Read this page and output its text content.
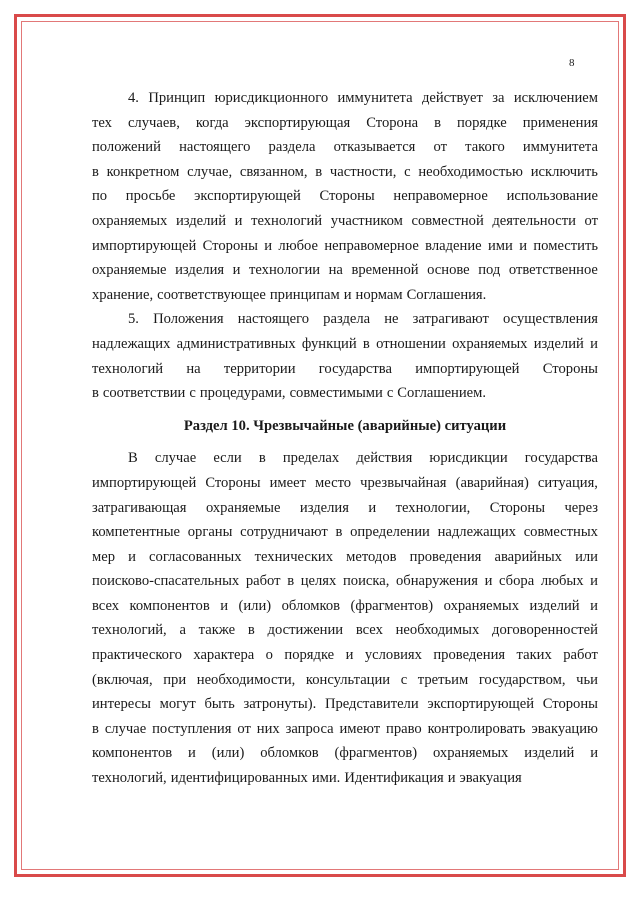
8
4. Принцип юрисдикционного иммунитета действует за исключением
тех случаев, когда экспортирующая Сторона в порядке применения
положений настоящего раздела отказывается от такого иммунитета
в конкретном случае, связанном, в частности, с необходимостью исключить
по просьбе экспортирующей Стороны неправомерное использование
охраняемых изделий и технологий участником совместной деятельности от
импортирующей Стороны и любое неправомерное владение ими и поместить
охраняемые изделия и технологии на временной основе под ответственное
хранение, соответствующее принципам и нормам Соглашения.
5. Положения настоящего раздела не затрагивают осуществления
надлежащих административных функций в отношении охраняемых изделий и
технологий на территории государства импортирующей Стороны
в соответствии с процедурами, совместимыми с Соглашением.
Раздел 10. Чрезвычайные (аварийные) ситуации
В случае если в пределах действия юрисдикции государства
импортирующей Стороны имеет место чрезвычайная (аварийная) ситуация,
затрагивающая охраняемые изделия и технологии, Стороны через
компетентные органы сотрудничают в определении надлежащих совместных
мер и согласованных технических методов проведения аварийных или
поисково-спасательных работ в целях поиска, обнаружения и сбора любых и
всех компонентов и (или) обломков (фрагментов) охраняемых изделий и
технологий, а также в достижении всех необходимых договоренностей
практического характера о порядке и условиях проведения таких работ
(включая, при необходимости, консультации с третьим государством, чьи
интересы могут быть затронуты). Представители экспортирующей Стороны
в случае поступления от них запроса имеют право контролировать эвакуацию
компонентов и (или) обломков (фрагментов) охраняемых изделий и
технологий, идентифицированных ими. Идентификация и эвакуация
